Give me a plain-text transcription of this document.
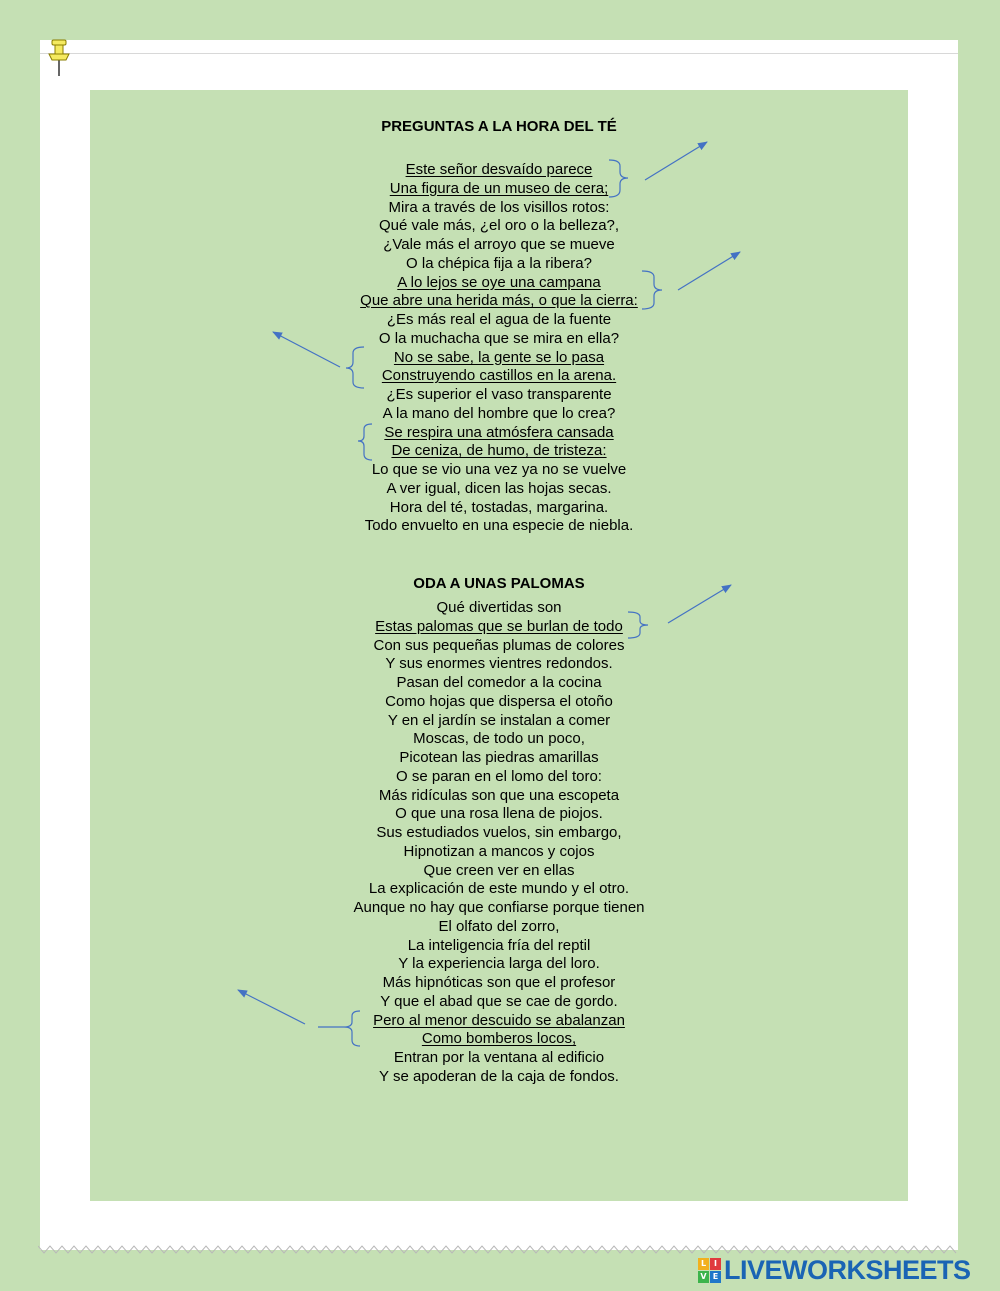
PREGUNTAS A LA HORA DEL TÉ
Este señor desvaído parece
Una figura de un museo de cera;
Mira a través de los visillos rotos:
Qué vale más, ¿el oro o la belleza?,
¿Vale más el arroyo que se mueve
O la chépica fija a la ribera?
A lo lejos se oye una campana
Que abre una herida más, o que la cierra:
¿Es más real el agua de la fuente
O la muchacha que se mira en ella?
No se sabe, la gente se lo pasa
Construyendo castillos en la arena.
¿Es superior el vaso transparente
A la mano del hombre que lo crea?
Se respira una atmósfera cansada
De ceniza, de humo, de tristeza:
Lo que se vio una vez ya no se vuelve
A ver igual, dicen las hojas secas.
Hora del té, tostadas, margarina.
Todo envuelto en una especie de niebla.
ODA A UNAS PALOMAS
Qué divertidas son
Estas palomas que se burlan de todo
Con sus pequeñas plumas de colores
Y sus enormes vientres redondos.
Pasan del comedor a la cocina
Como hojas que dispersa el otoño
Y en el jardín se instalan a comer
Moscas, de todo un poco,
Picotean las piedras amarillas
O se paran en el lomo del toro:
Más ridículas son que una escopeta
O que una rosa llena de piojos.
Sus estudiados vuelos, sin embargo,
Hipnotizan a mancos y cojos
Que creen ver en ellas
La explicación de este mundo y el otro.
Aunque no hay que confiarse porque tienen
El olfato del zorro,
La inteligencia fría del reptil
Y la experiencia larga del loro.
Más hipnóticas son que el profesor
Y que el abad que se cae de gordo.
Pero al menor descuido se abalanzan
Como bomberos locos,
Entran por la ventana al edificio
Y se apoderan de la caja de fondos.
L I
V E LIVEWORKSHEETS
